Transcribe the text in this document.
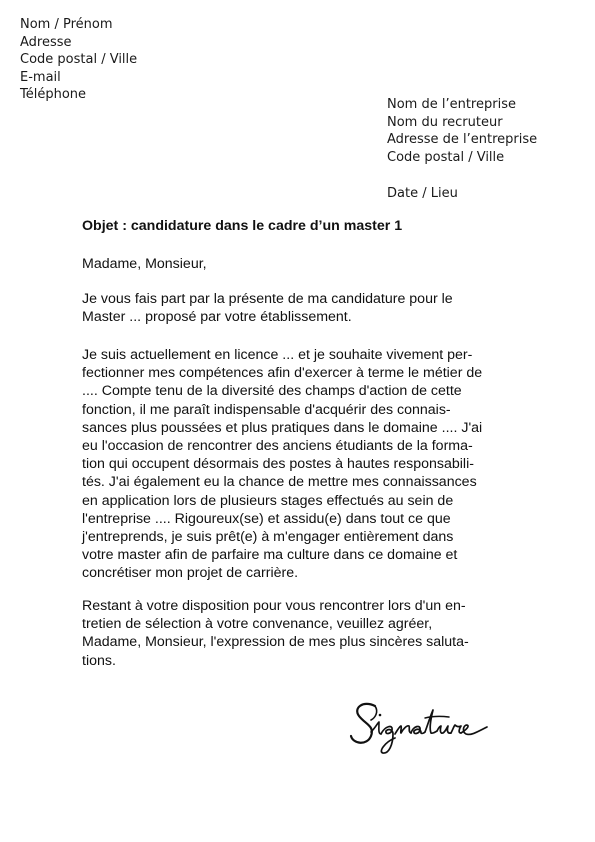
Nom / Prénom
Adresse
Code postal / Ville
E-mail
Téléphone
Nom de l’entreprise
Nom du recruteur
Adresse de l’entreprise
Code postal / Ville
Date / Lieu
Objet : candidature dans le cadre d’un master 1
Madame, Monsieur,
Je vous fais part par la présente de ma candidature pour le
Master ... proposé par votre établissement.
Je suis actuellement en licence ... et je souhaite vivement per-
fectionner mes compétences afin d'exercer à terme le métier de
.... Compte tenu de la diversité des champs d'action de cette
fonction, il me paraît indispensable d'acquérir des connais-
sances plus poussées et plus pratiques dans le domaine .... J'ai
eu l'occasion de rencontrer des anciens étudiants de la forma-
tion qui occupent désormais des postes à hautes responsabili-
tés. J'ai également eu la chance de mettre mes connaissances
en application lors de plusieurs stages effectués au sein de
l'entreprise .... Rigoureux(se) et assidu(e) dans tout ce que
j'entreprends, je suis prêt(e) à m'engager entièrement dans
votre master afin de parfaire ma culture dans ce domaine et
concrétiser mon projet de carrière.
Restant à votre disposition pour vous rencontrer lors d'un en-
tretien de sélection à votre convenance, veuillez agréer,
Madame, Monsieur, l'expression de mes plus sincères saluta-
tions.
